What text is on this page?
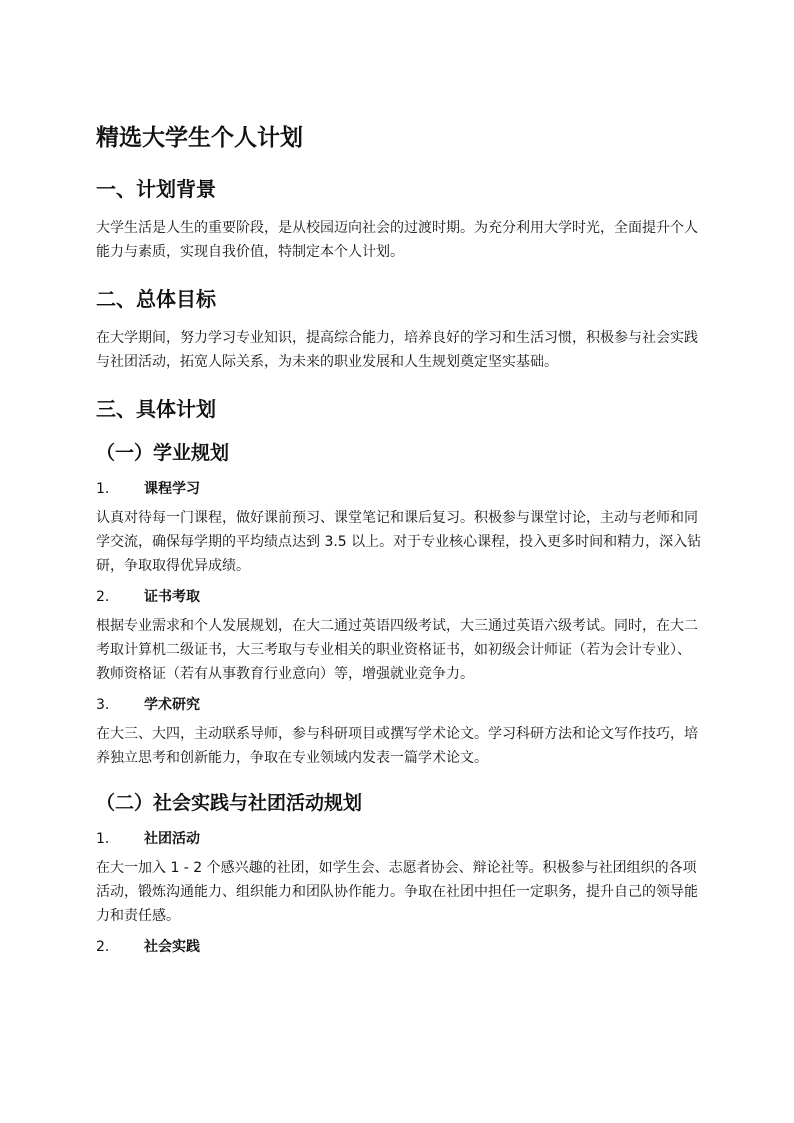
精选大学生个人计划
一、计划背景

大学生活是人生的重要阶段，是从校园迈向社会的过渡时期。为充分利用大学时光，全面提升个人能力与素质，实现自我价值，特制定本个人计划。

二、总体目标

在大学期间，努力学习专业知识，提高综合能力，培养良好的学习和生活习惯，积极参与社会实践与社团活动，拓宽人际关系，为未来的职业发展和人生规划奠定坚实基础。

三、具体计划
（一）学业规划
1.	课程学习

认真对待每一门课程，做好课前预习、课堂笔记和课后复习。积极参与课堂讨论，主动与老师和同学交流，确保每学期的平均绩点达到 3.5 以上。对于专业核心课程，投入更多时间和精力，深入钻研，争取取得优异成绩。

2.	证书考取

根据专业需求和个人发展规划，在大二通过英语四级考试，大三通过英语六级考试。同时，在大二考取计算机二级证书，大三考取与专业相关的职业资格证书，如初级会计师证（若为会计专业）、教师资格证（若有从事教育行业意向）等，增强就业竞争力。

3.	学术研究

在大三、大四，主动联系导师，参与科研项目或撰写学术论文。学习科研方法和论文写作技巧，培养独立思考和创新能力，争取在专业领域内发表一篇学术论文。

（二）社会实践与社团活动规划
1.	社团活动

在大一加入 1 - 2 个感兴趣的社团，如学生会、志愿者协会、辩论社等。积极参与社团组织的各项活动，锻炼沟通能力、组织能力和团队协作能力。争取在社团中担任一定职务，提升自己的领导能力和责任感。

2.	社会实践
